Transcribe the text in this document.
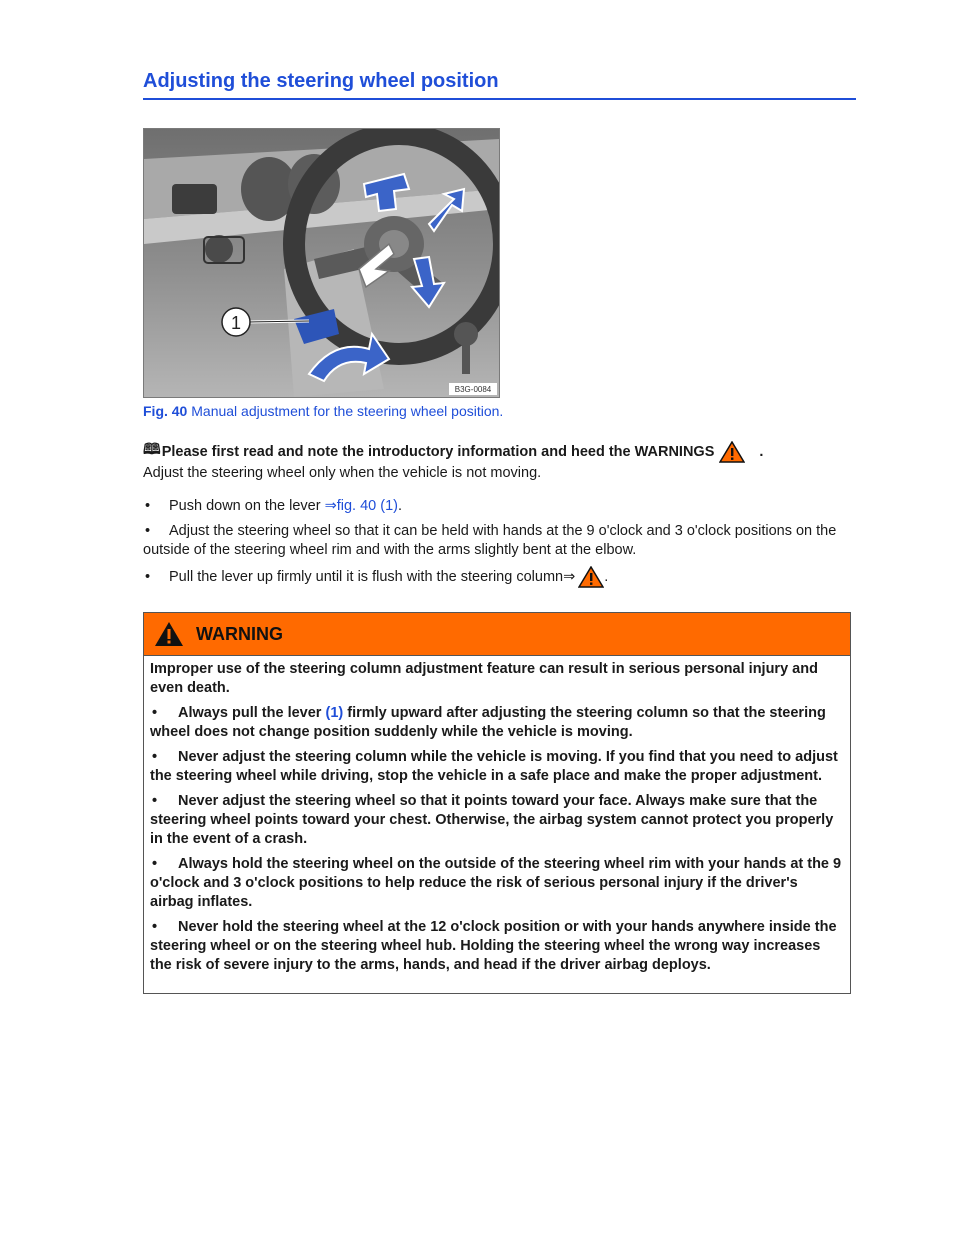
Adjusting the steering wheel position
1
B3G-0084
Fig. 40 Manual adjustment for the steering wheel position.
🕮 Please first read and note the introductory information and heed the WARNINGS	.
Adjust the steering wheel only when the vehicle is not moving.
• Push down on the lever ⇒fig. 40 (1).
• Adjust the steering wheel so that it can be held with hands at the 9 o'clock and 3 o'clock positions on the outside of the steering wheel rim and with the arms slightly bent at the elbow.
•	Pull the lever up firmly until it is flush with the steering column ⇒ .
WARNING

Improper use of the steering column adjustment feature can result in serious personal injury and even death.

• Always pull the lever (1) firmly upward after adjusting the steering column so that the steering wheel does not change position suddenly while the vehicle is moving.

• Never adjust the steering column while the vehicle is moving. If you find that you need to adjust the steering wheel while driving, stop the vehicle in a safe place and make the proper adjustment.

• Never adjust the steering wheel so that it points toward your face. Always make sure that the steering wheel points toward your chest. Otherwise, the airbag system cannot protect you properly in the event of a crash.

• Always hold the steering wheel on the outside of the steering wheel rim with your hands at the 9 o'clock and 3 o'clock positions to help reduce the risk of serious personal injury if the driver's airbag inflates.

• Never hold the steering wheel at the 12 o'clock position or with your hands anywhere inside the steering wheel or on the steering wheel hub. Holding the steering wheel the wrong way increases the risk of severe injury to the arms, hands, and head if the driver airbag deploys.
